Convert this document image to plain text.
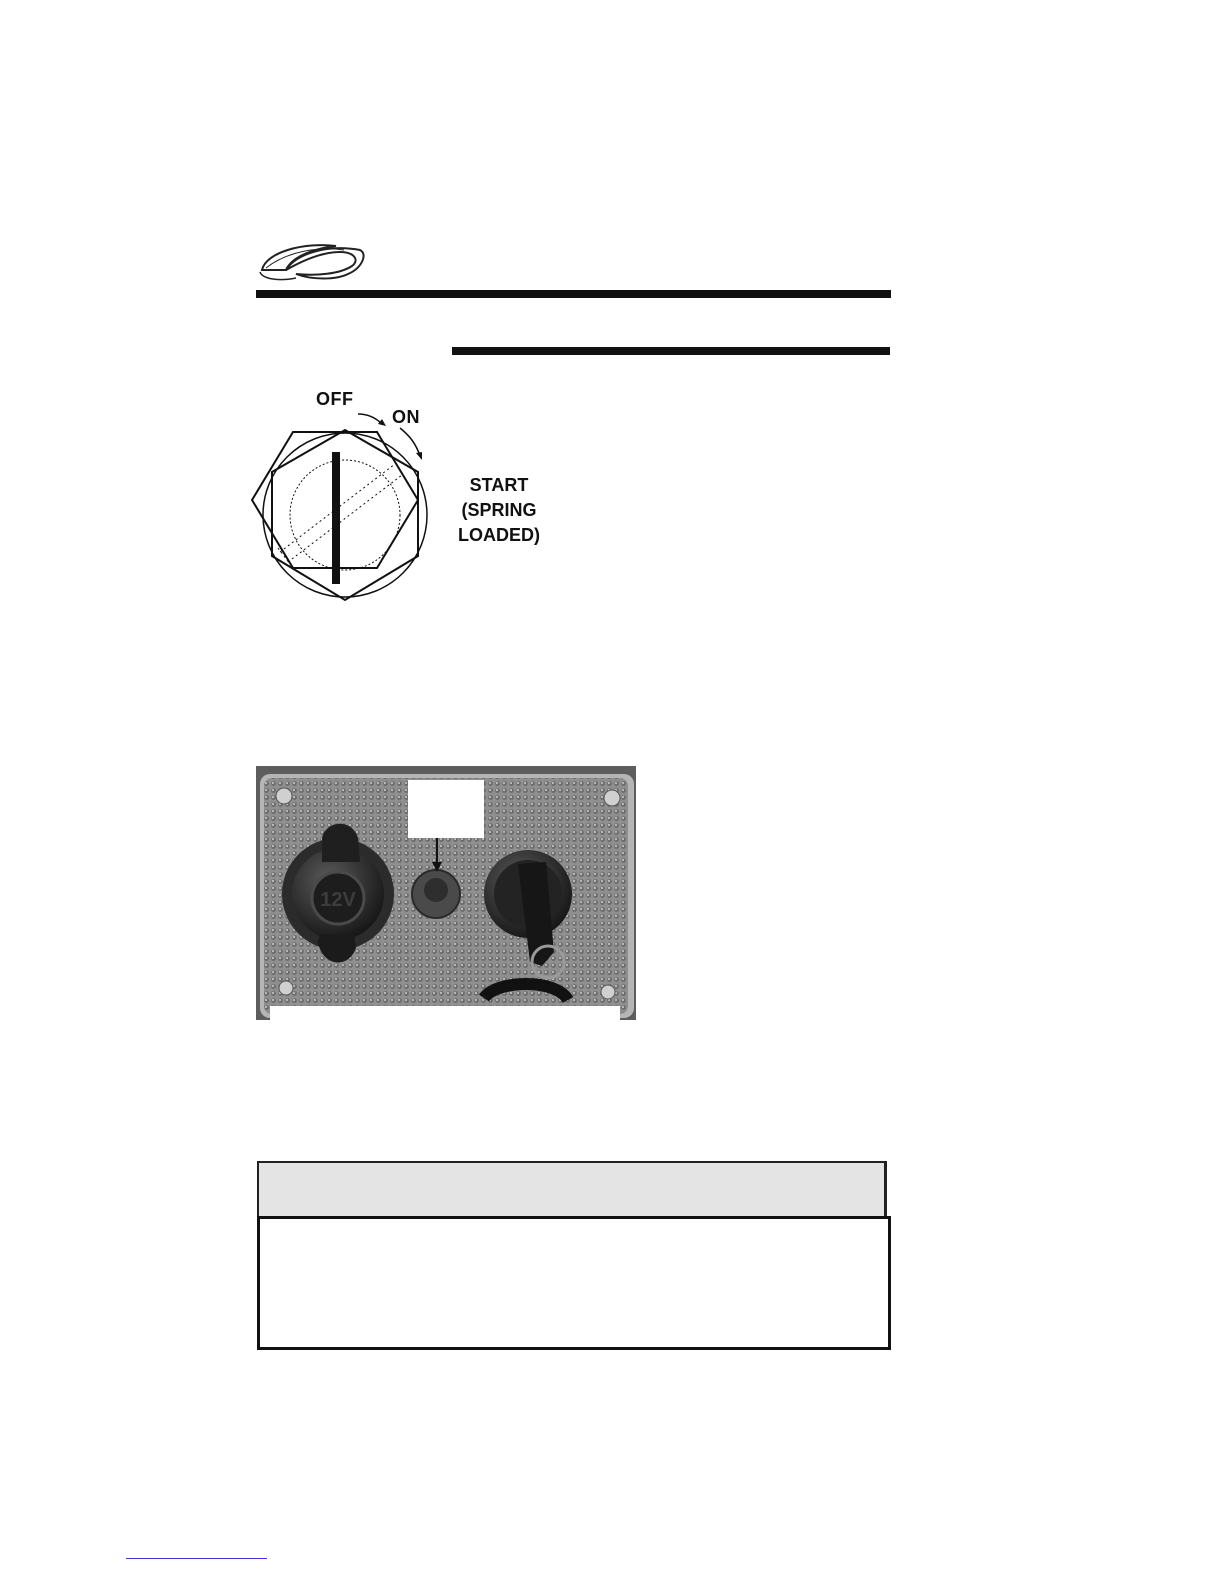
OFF
ON
START
(SPRING
LOADED)
12V
